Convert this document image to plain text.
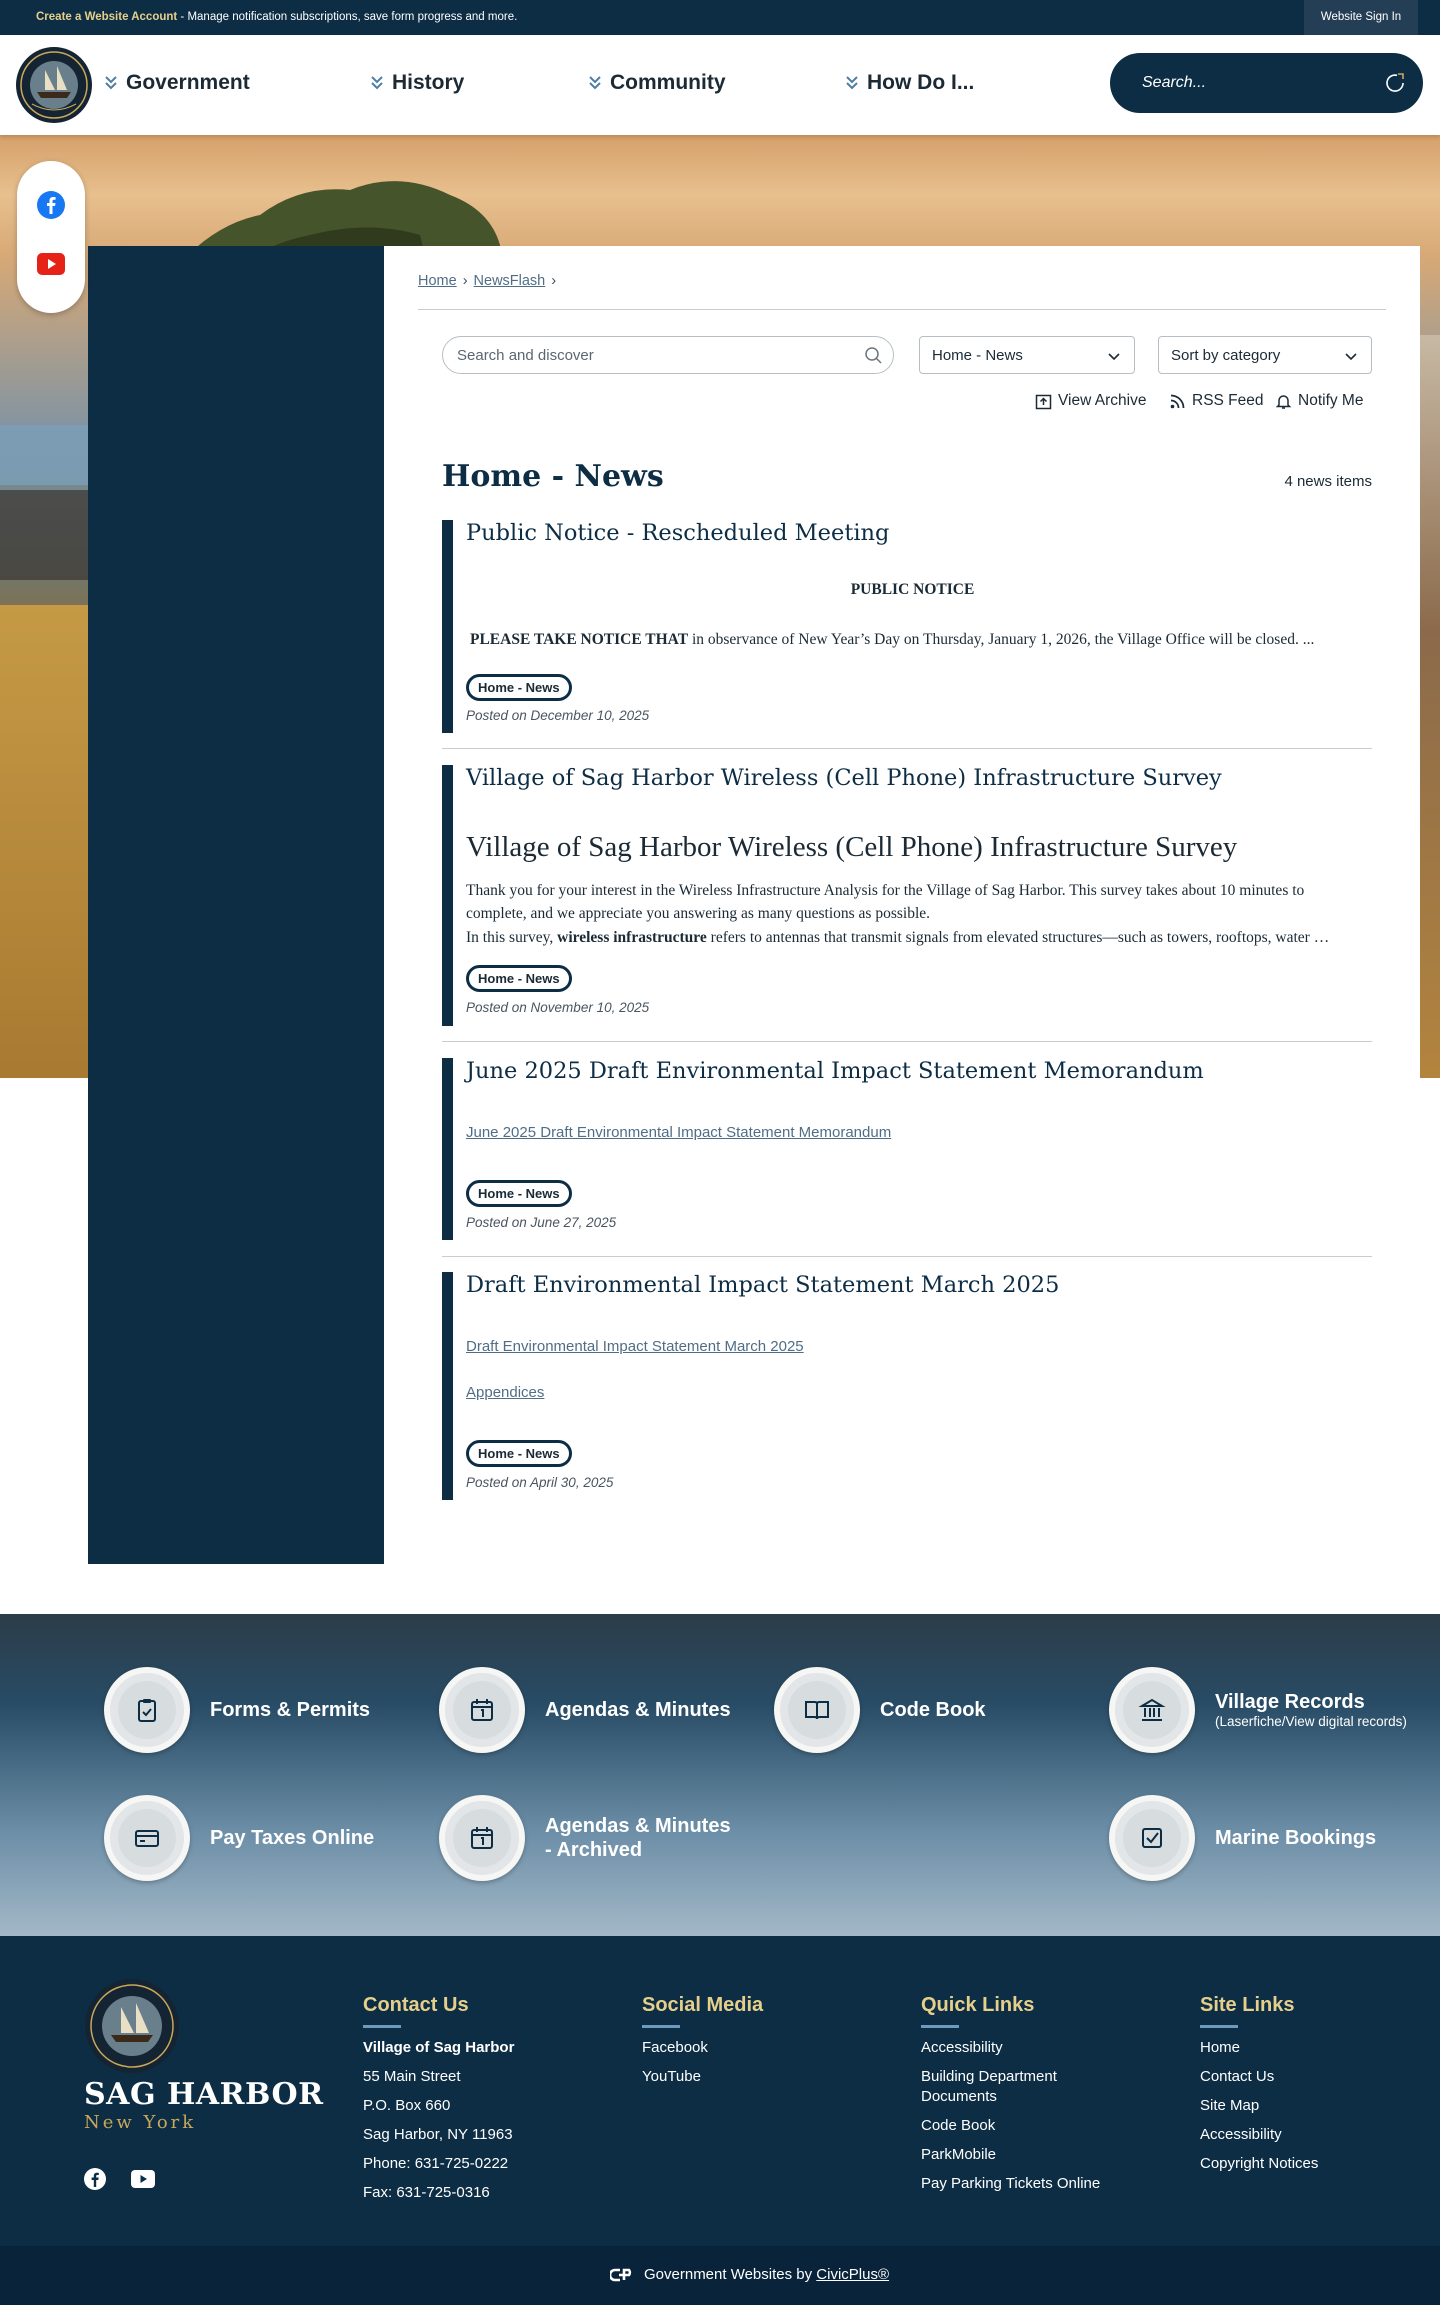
Create a Website Account - Manage notification subscriptions, save form progress and more.	Website Sign In
Government	History	Community	How Do I...	Search...
Home › NewsFlash ›
Search and discover	Home - News	Sort by category
View Archive	RSS Feed Notify Me
Home - News	4 news items
Public Notice - Rescheduled Meeting
PUBLIC NOTICE
PLEASE TAKE NOTICE THAT in observance of New Year’s Day on Thursday, January 1, 2026, the Village Office will be closed. ...
Home - News
Posted on December 10, 2025
Village of Sag Harbor Wireless (Cell Phone) Infrastructure Survey
Village of Sag Harbor Wireless (Cell Phone) Infrastructure Survey
Thank you for your interest in the Wireless Infrastructure Analysis for the Village of Sag Harbor. This survey takes about 10 minutes to complete, and we appreciate you answering as many questions as possible.
In this survey, wireless infrastructure refers to antennas that transmit signals from elevated structures—such as towers, rooftops, water …
Home - News
Posted on November 10, 2025
June 2025 Draft Environmental Impact Statement Memorandum
June 2025 Draft Environmental Impact Statement Memorandum
Home - News
Posted on June 27, 2025
Draft Environmental Impact Statement March 2025
Draft Environmental Impact Statement March 2025
Appendices
Home - News
Posted on April 30, 2025
Forms & Permits	Agendas & Minutes	Code Book	Village Records
(Laserfiche/View digital records)
Pay Taxes Online
Agendas & Minutes
- Archived
Marine Bookings
SAG HARBOR
New York
Contact Us
Village of Sag Harbor
55 Main Street
P.O. Box 660
Sag Harbor, NY 11963
Phone: 631-725-0222
Fax: 631-725-0316
Social Media
Facebook
YouTube
Quick Links
Accessibility
Building Department Documents
Code Book
ParkMobile
Pay Parking Tickets Online
Site Links
Home
Contact Us
Site Map
Accessibility
Copyright Notices
Government Websites by CivicPlus®
